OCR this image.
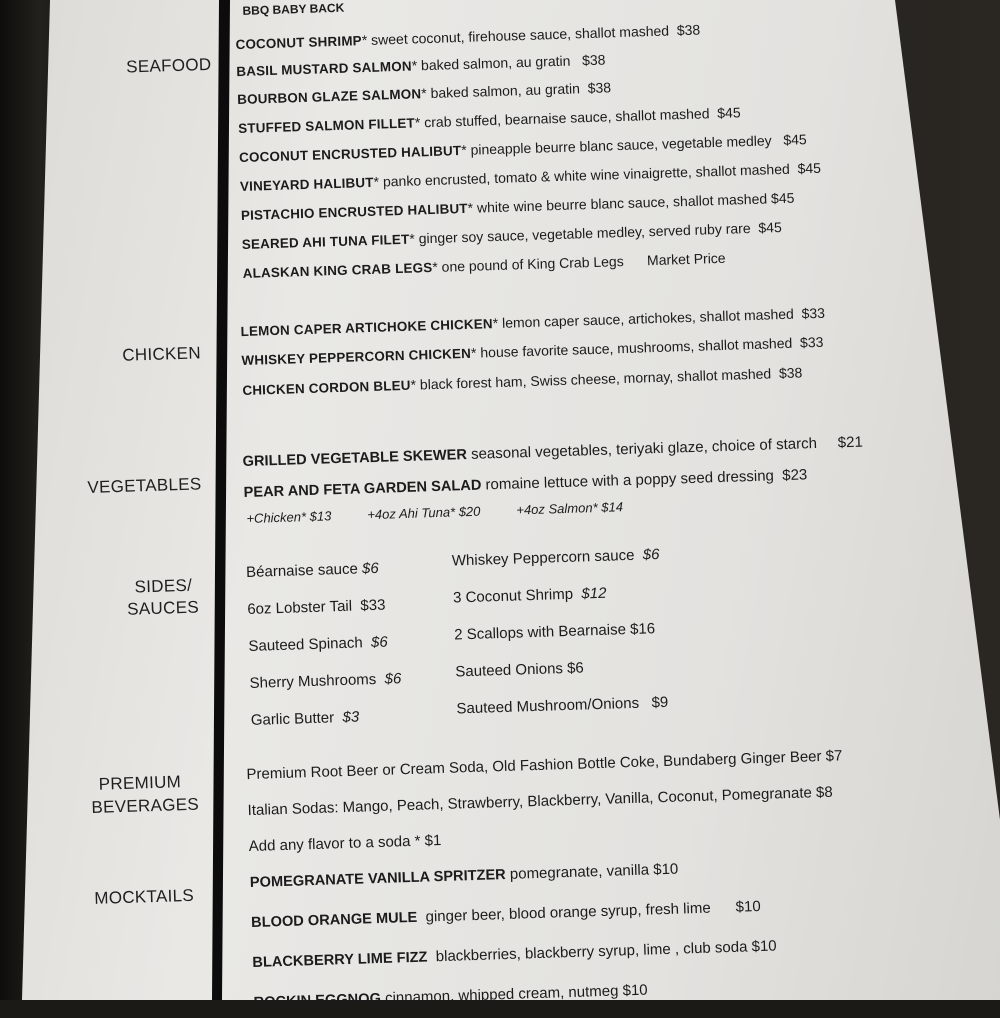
BBQ BABY BACK
SEAFOOD
COCONUT SHRIMP* sweet coconut, firehouse sauce, shallot mashed $38
BASIL MUSTARD SALMON* baked salmon, au gratin $38
BOURBON GLAZE SALMON* baked salmon, au gratin $38
STUFFED SALMON FILLET* crab stuffed, bearnaise sauce, shallot mashed $45
COCONUT ENCRUSTED HALIBUT* pineapple beurre blanc sauce, vegetable medley $45
VINEYARD HALIBUT* panko encrusted, tomato & white wine vinaigrette, shallot mashed $45
PISTACHIO ENCRUSTED HALIBUT* white wine beurre blanc sauce, shallot mashed $45
SEARED AHI TUNA FILET* ginger soy sauce, vegetable medley, served ruby rare $45
ALASKAN KING CRAB LEGS* one pound of King Crab Legs Market Price
CHICKEN
LEMON CAPER ARTICHOKE CHICKEN* lemon caper sauce, artichokes, shallot mashed $33
WHISKEY PEPPERCORN CHICKEN* house favorite sauce, mushrooms, shallot mashed $33
CHICKEN CORDON BLEU* black forest ham, Swiss cheese, mornay, shallot mashed $38
VEGETABLES
GRILLED VEGETABLE SKEWER seasonal vegetables, teriyaki glaze, choice of starch $21
PEAR AND FETA GARDEN SALAD romaine lettuce with a poppy seed dressing $23
+Chicken* $13	+4oz Ahi Tuna* $20	+4oz Salmon* $14
SIDES/
SAUCES
Béarnaise sauce $6
6oz Lobster Tail $33
Sauteed Spinach $6
Sherry Mushrooms $6
Garlic Butter $3
Whiskey Peppercorn sauce $6
3 Coconut Shrimp $12
2 Scallops with Bearnaise $16
Sauteed Onions $6
Sauteed Mushroom/Onions $9
PREMIUM
BEVERAGES
Premium Root Beer or Cream Soda, Old Fashion Bottle Coke, Bundaberg Ginger Beer $7
Italian Sodas: Mango, Peach, Strawberry, Blackberry, Vanilla, Coconut, Pomegranate $8
Add any flavor to a soda * $1
MOCKTAILS
POMEGRANATE VANILLA SPRITZER pomegranate, vanilla $10
BLOOD ORANGE MULE ginger beer, blood orange syrup, fresh lime $10
BLACKBERRY LIME FIZZ blackberries, blackberry syrup, lime , club soda $10
ROCKIN EGGNOG cinnamon, whipped cream, nutmeg $10
